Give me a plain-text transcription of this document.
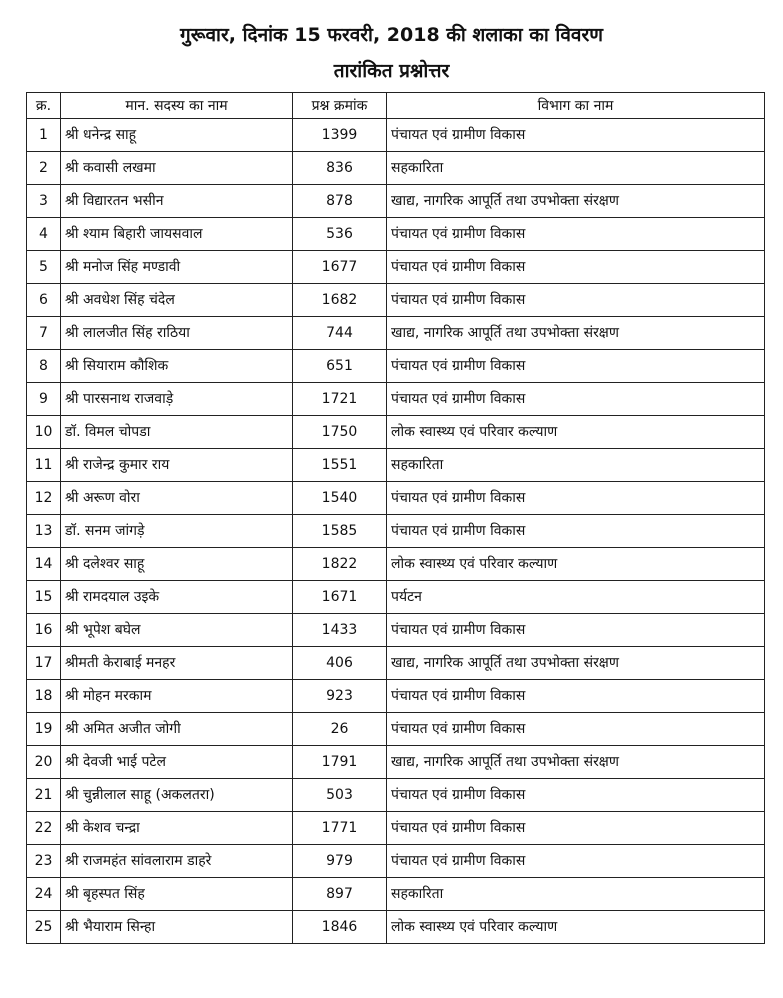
गुरूवार, दिनांक 15 फरवरी, 2018 की शलाका का विवरण
तारांकित प्रश्नोत्तर
क्र.	मान. सदस्य का नाम	प्रश्न क्रमांक	विभाग का नाम
1	श्री धनेन्द्र साहू	1399	पंचायत एवं ग्रामीण विकास
2	श्री कवासी लखमा	836	सहकारिता
3	श्री विद्यारतन भसीन	878	खाद्य, नागरिक आपूर्ति तथा उपभोक्ता संरक्षण
4	श्री श्याम बिहारी जायसवाल	536	पंचायत एवं ग्रामीण विकास
5	श्री मनोज सिंह मण्डावी	1677	पंचायत एवं ग्रामीण विकास
6	श्री अवधेश सिंह चंदेल	1682	पंचायत एवं ग्रामीण विकास
7	श्री लालजीत सिंह राठिया	744	खाद्य, नागरिक आपूर्ति तथा उपभोक्ता संरक्षण
8	श्री सियाराम कौशिक	651	पंचायत एवं ग्रामीण विकास
9	श्री पारसनाथ राजवाड़े	1721	पंचायत एवं ग्रामीण विकास
10	डॉ. विमल चोपडा	1750	लोक स्वास्थ्य एवं परिवार कल्याण
11	श्री राजेन्द्र कुमार राय	1551	सहकारिता
12	श्री अरूण वोरा	1540	पंचायत एवं ग्रामीण विकास
13	डॉ. सनम जांगड़े	1585	पंचायत एवं ग्रामीण विकास
14	श्री दलेश्वर साहू	1822	लोक स्वास्थ्य एवं परिवार कल्याण
15	श्री रामदयाल उइके	1671	पर्यटन
16	श्री भूपेश बघेल	1433	पंचायत एवं ग्रामीण विकास
17	श्रीमती केराबाई मनहर	406	खाद्य, नागरिक आपूर्ति तथा उपभोक्ता संरक्षण
18	श्री मोहन मरकाम	923	पंचायत एवं ग्रामीण विकास
19	श्री अमित अजीत जोगी	26	पंचायत एवं ग्रामीण विकास
20	श्री देवजी भाई पटेल	1791	खाद्य, नागरिक आपूर्ति तथा उपभोक्ता संरक्षण
21	श्री चुन्नीलाल साहू (अकलतरा)	503	पंचायत एवं ग्रामीण विकास
22	श्री केशव चन्द्रा	1771	पंचायत एवं ग्रामीण विकास
23	श्री राजमहंत सांवलाराम डाहरे	979	पंचायत एवं ग्रामीण विकास
24	श्री बृहस्पत सिंह	897	सहकारिता
25	श्री भैयाराम सिन्हा	1846	लोक स्वास्थ्य एवं परिवार कल्याण
